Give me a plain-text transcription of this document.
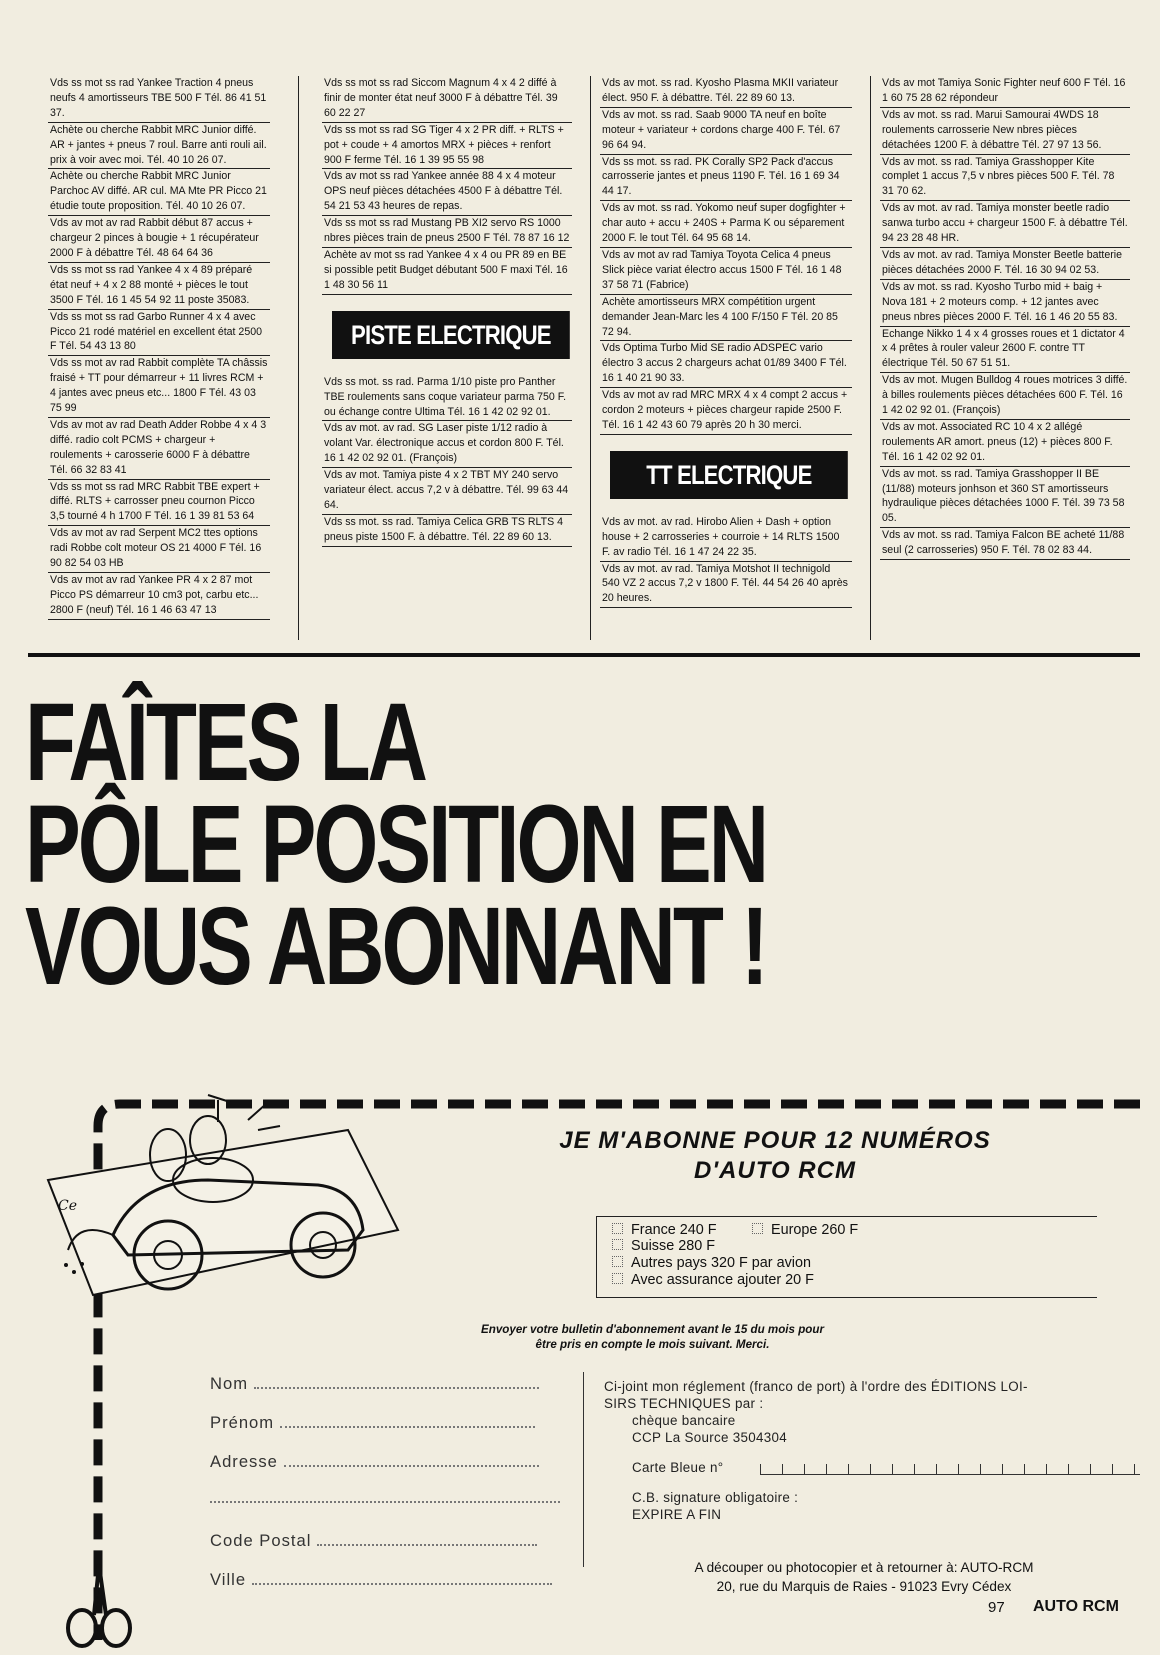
Vds ss mot ss rad Yankee Traction 4 pneus neufs 4 amortisseurs TBE 500 F Tél. 86 41 51 37.
Achète ou cherche Rabbit MRC Junior diffé. AR + jantes + pneus 7 roul. Barre anti rouli ail. prix à voir avec moi. Tél. 40 10 26 07.
Achète ou cherche Rabbit MRC Junior Parchoc AV diffé. AR cul. MA Mte PR Picco 21 étudie toute proposition. Tél. 40 10 26 07.
Vds av mot av rad Rabbit début 87 accus + chargeur 2 pinces à bougie + 1 récupérateur 2000 F à débattre Tél. 48 64 64 36
Vds ss mot ss rad Yankee 4 x 4 89 préparé état neuf + 4 x 2 88 monté + pièces le tout 3500 F Tél. 16 1 45 54 92 11 poste 35083.
Vds ss mot ss rad Garbo Runner 4 x 4 avec Picco 21 rodé matériel en excellent état 2500 F Tél. 54 43 13 80
Vds ss mot av rad Rabbit complète TA châssis fraisé + TT pour démarreur + 11 livres RCM + 4 jantes avec pneus etc... 1800 F Tél. 43 03 75 99
Vds av mot av rad Death Adder Robbe 4 x 4 3 diffé. radio colt PCMS + chargeur + roulements + carosserie 6000 F à débattre Tél. 66 32 83 41
Vds ss mot ss rad MRC Rabbit TBE expert + diffé. RLTS + carrosser pneu cournon Picco 3,5 tourné 4 h 1700 F Tél. 16 1 39 81 53 64
Vds av mot av rad Serpent MC2 ttes options radi Robbe colt moteur OS 21 4000 F Tél. 16 90 82 54 03 HB
Vds av mot av rad Yankee PR 4 x 2 87 mot Picco PS démarreur 10 cm3 pot, carbu etc... 2800 F (neuf) Tél. 16 1 46 63 47 13
Vds ss mot ss rad Siccom Magnum 4 x 4 2 diffé à finir de monter état neuf 3000 F à débattre Tél. 39 60 22 27
Vds ss mot ss rad SG Tiger 4 x 2 PR diff. + RLTS + pot + coude + 4 amortos MRX + pièces + renfort 900 F ferme Tél. 16 1 39 95 55 98
Vds av mot ss rad Yankee année 88 4 x 4 moteur OPS neuf pièces détachées 4500 F à débattre Tél. 54 21 53 43 heures de repas.
Vds ss mot ss rad Mustang PB XI2 servo RS 1000 nbres pièces train de pneus 2500 F Tél. 78 87 16 12
Achète av mot ss rad Yankee 4 x 4 ou PR 89 en BE si possible petit Budget débutant 500 F maxi Tél. 16 1 48 30 56 11
PISTE ELECTRIQUE
Vds ss mot. ss rad. Parma 1/10 piste pro Panther TBE roulements sans coque variateur parma 750 F. ou échange contre Ultima Tél. 16 1 42 02 92 01.
Vds av mot. av rad. SG Laser piste 1/12 radio à volant Var. électronique accus et cordon 800 F. Tél. 16 1 42 02 92 01. (François)
Vds av mot. Tamiya piste 4 x 2 TBT MY 240 servo variateur élect. accus 7,2 v à débattre. Tél. 99 63 44 64.
Vds ss mot. ss rad. Tamiya Celica GRB TS RLTS 4 pneus piste 1500 F. à débattre. Tél. 22 89 60 13.
Vds av mot. ss rad. Kyosho Plasma MKII variateur élect. 950 F. à débattre. Tél. 22 89 60 13.
Vds av mot. ss rad. Saab 9000 TA neuf en boîte moteur + variateur + cordons charge 400 F. Tél. 67 96 64 94.
Vds ss mot. ss rad. PK Corally SP2 Pack d'accus carrosserie jantes et pneus 1190 F. Tél. 16 1 69 34 44 17.
Vds av mot. ss rad. Yokomo neuf super dogfighter + char auto + accu + 240S + Parma K ou séparement 2000 F. le tout Tél. 64 95 68 14.
Vds av mot av rad Tamiya Toyota Celica 4 pneus Slick pièce variat électro accus 1500 F Tél. 16 1 48 37 58 71 (Fabrice)
Achète amortisseurs MRX compétition urgent demander Jean-Marc les 4 100 F/150 F Tél. 20 85 72 94.
Vds Optima Turbo Mid SE radio ADSPEC vario électro 3 accus 2 chargeurs achat 01/89 3400 F Tél. 16 1 40 21 90 33.
Vds av mot av rad MRC MRX 4 x 4 compt 2 accus + cordon 2 moteurs + pièces chargeur rapide 2500 F. Tél. 16 1 42 43 60 79 après 20 h 30 merci.
TT ELECTRIQUE
Vds av mot. av rad. Hirobo Alien + Dash + option house + 2 carrosseries + courroie + 14 RLTS 1500 F. av radio Tél. 16 1 47 24 22 35.
Vds av mot. av rad. Tamiya Motshot II technigold 540 VZ 2 accus 7,2 v 1800 F. Tél. 44 54 26 40 après 20 heures.
Vds av mot Tamiya Sonic Fighter neuf 600 F Tél. 16 1 60 75 28 62 répondeur
Vds av mot. ss rad. Marui Samourai 4WDS 18 roulements carrosserie New nbres pièces détachées 1200 F. à débattre Tél. 27 97 13 56.
Vds av mot. ss rad. Tamiya Grasshopper Kite complet 1 accus 7,5 v nbres pièces 500 F. Tél. 78 31 70 62.
Vds av mot. av rad. Tamiya monster beetle radio sanwa turbo accu + chargeur 1500 F. à débattre Tél. 94 23 28 48 HR.
Vds av mot. av rad. Tamiya Monster Beetle batterie pièces détachées 2000 F. Tél. 16 30 94 02 53.
Vds av mot. ss rad. Kyosho Turbo mid + baig + Nova 181 + 2 moteurs comp. + 12 jantes avec pneus nbres pièces 2000 F. Tél. 16 1 46 20 55 83.
Echange Nikko 1 4 x 4 grosses roues et 1 dictator 4 x 4 prêtes à rouler valeur 2600 F. contre TT électrique Tél. 50 67 51 51.
Vds av mot. Mugen Bulldog 4 roues motrices 3 diffé. à billes roulements pièces détachées 600 F. Tél. 16 1 42 02 92 01. (François)
Vds av mot. Associated RC 10 4 x 2 allégé roulements AR amort. pneus (12) + pièces 800 F. Tél. 16 1 42 02 92 01.
Vds av mot. ss rad. Tamiya Grasshopper II BE (11/88) moteurs jonhson et 360 ST amortisseurs hydraulique pièces détachées 1000 F. Tél. 39 73 58 05.
Vds av mot. ss rad. Tamiya Falcon BE acheté 11/88 seul (2 carrosseries) 950 F. Tél. 78 02 83 44.
FAÎTES LA
PÔLE POSITION EN
VOUS ABONNANT !
Ce
JE M'ABONNE POUR 12 NUMÉROS
D'AUTO RCM
France 240 F	Europe 260 F
Suisse 280 F
Autres pays 320 F par avion
Avec assurance ajouter 20 F
Envoyer votre bulletin d'abonnement avant le 15 du mois pour
être pris en compte le mois suivant. Merci.
Nom
Prénom
Adresse
Code Postal
Ville
Ci-joint mon réglement (franco de port) à l'ordre des ÉDITIONS LOI-
SIRS TECHNIQUES par :
chèque bancaire
CCP La Source 3504304
Carte Bleue n°
C.B. signature obligatoire :
EXPIRE A FIN
A découper ou photocopier et à retourner à: AUTO-RCM
20, rue du Marquis de Raies - 91023 Evry Cédex
97 AUTO RCM
